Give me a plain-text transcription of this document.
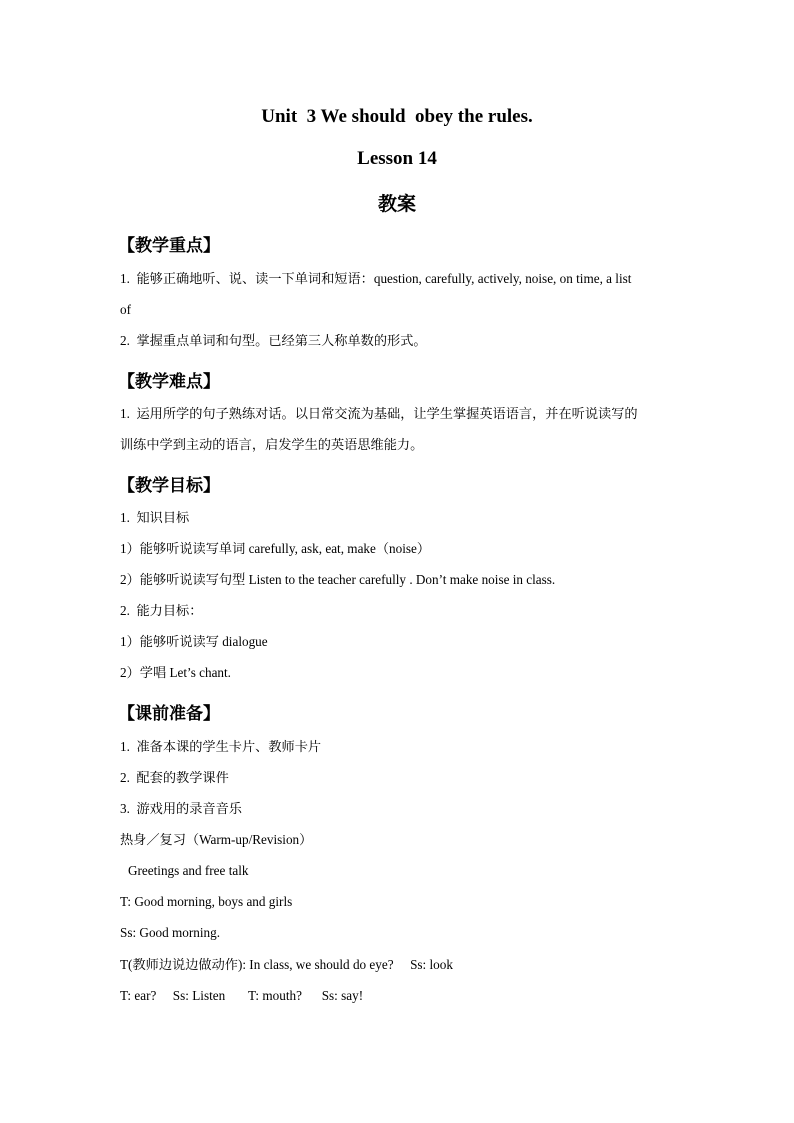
Unit  3 We should  obey the rules.
Lesson 14
教案
【教学重点】
1.  能够正确地听、说、读一下单词和短语：question, carefully, actively, noise, on time, a list
of
2.  掌握重点单词和句型。已经第三人称单数的形式。
【教学难点】
1.  运用所学的句子熟练对话。以日常交流为基础，让学生掌握英语语言，并在听说读写的
训练中学到主动的语言，启发学生的英语思维能力。
【教学目标】
1.  知识目标
1）能够听说读写单词 carefully, ask, eat, make（noise）
2）能够听说读写句型 Listen to the teacher carefully . Don’t make noise in class.
2.  能力目标：
1）能够听说读写 dialogue
2）学唱 Let’s chant.
【课前准备】
1.  准备本课的学生卡片、教师卡片
2.  配套的教学课件
3.  游戏用的录音音乐
热身／复习（Warm-up/Revision）
Greetings and free talk
T: Good morning, boys and girls
Ss: Good morning.
T(教师边说边做动作): In class, we should do eye?     Ss: look
T: ear?     Ss: Listen       T: mouth?      Ss: say!
